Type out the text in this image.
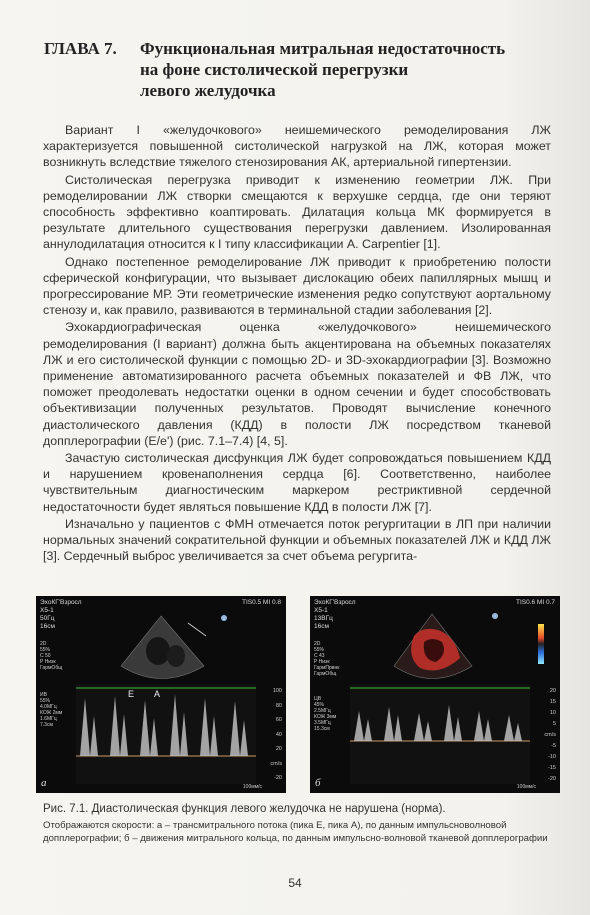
ГЛАВА 7. Функциональная митральная недостаточность
на фоне систолической перегрузки
левого желудочка

Вариант I «желудочкового» неишемического ремоделирования ЛЖ характеризуется повышенной систолической нагрузкой на ЛЖ, которая может возникнуть вследствие тяжелого стенозирования АК, артериальной гипертензии.

Систолическая перегрузка приводит к изменению геометрии ЛЖ. При ремоделировании ЛЖ створки смещаются к верхушке сердца, где они теряют способность эффективно коаптировать. Дилатация кольца МК формируется в результате длительного существования перегрузки давлением. Изолированная аннулодилатация относится к I типу классификации A. Carpentier [1].

Однако постепенное ремоделирование ЛЖ приводит к приобретению полости сферической конфигурации, что вызывает дислокацию обеих папиллярных мышц и прогрессирование МР. Эти геометрические изменения редко сопутствуют аортальному стенозу и, как правило, развиваются в терминальной стадии заболевания [2].

Эхокардиографическая оценка «желудочкового» неишемического ремоделирования (I вариант) должна быть акцентирована на объемных показателях ЛЖ и его систолической функции с помощью 2D- и 3D-эхокардиографии [3]. Возможно применение автоматизированного расчета объемных показателей и ФВ ЛЖ, что поможет преодолевать недостатки оценки в одном сечении и будет способствовать объективизации полученных результатов. Проводят вычисление конечного диастолического давления (КДД) в полости ЛЖ посредством тканевой допплерографии (E/e') (рис. 7.1–7.4) [4, 5].

Зачастую систолическая дисфункция ЛЖ будет сопровождаться повышением КДД и нарушением кровенаполнения сердца [6]. Соответственно, наиболее чувствительным диагностическим маркером рестриктивной сердечной недостаточности будет являться повышение КДД в полости ЛЖ [7].

Изначально у пациентов с ФМН отмечается поток регургитации в ЛП при наличии нормальных значений сократительной функции и объемных показателей ЛЖ и КДД ЛЖ [3]. Сердечный выброс увеличивается за счет объема регургита-

ЭхоКГ'Взросл
X5-1
50Гц
16см
TIS0.5 MI 0.8
2D
55%
C 50
P Низк
ГармОбщ
ИВ
55%
4.0МГц
КОЖ 2мм
1.6МГц
7.3см
E A	100
80
60
40
20
cm/s
-20
100мм/с
а
ЭхоКГ'Взросл
X5-1
13ВГц
16см
TIS0.6 MI 0.7
2D
55%
C 43
P Низк
ГармПрвнк
ГармОбщ
ЦВ
45%
2.5МГц
КОЖ 3мм
3.5МГц
15.3см
20
15
10
5
cm/s
-5
-10
-15
-20
100мм/с
б
Рис. 7.1. Диастолическая функция левого желудочка не нарушена (норма).
Отображаются скорости: а – трансмитрального потока (пика Е, пика А), по данным импульсноволновой допплерографии; б – движения митрального кольца, по данным импульсно-волновой тканевой допплерографии
54
